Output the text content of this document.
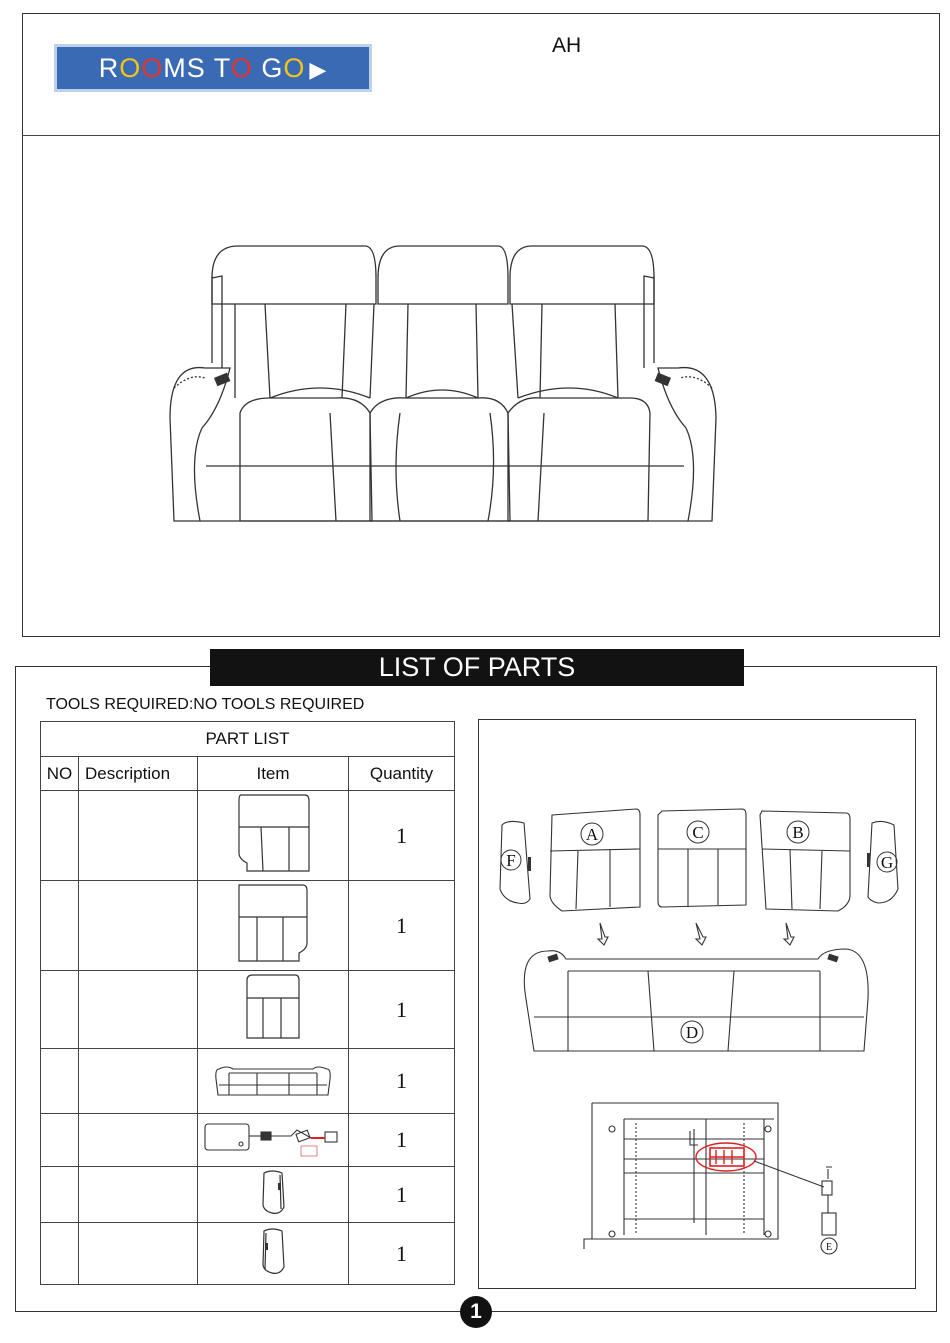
ROOMS TO GO ▶
AH
LIST OF PARTS
TOOLS REQUIRED:NO TOOLS REQUIRED
PART LIST			
NO	Description	Item	Quantity
			1
			1
			1
			1
			1
			1
			1
A	C	B
F	G
D
E
1
